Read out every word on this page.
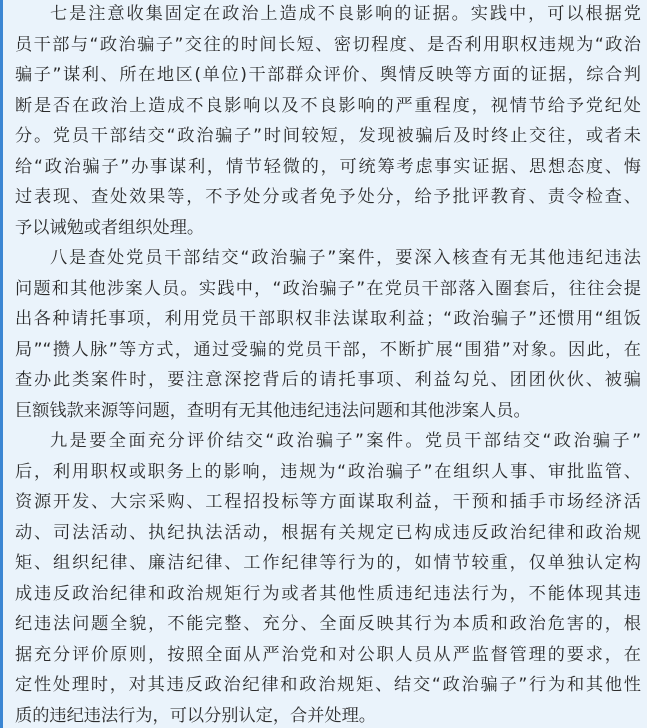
七是注意收集固定在政治上造成不良影响的证据。实践中，可以根据党
员干部与“政治骗子”交往的时间长短、密切程度、是否利用职权违规为“政治
骗子”谋利、所在地区(单位)干部群众评价、舆情反映等方面的证据，综合判
断是否在政治上造成不良影响以及不良影响的严重程度，视情节给予党纪处
分。党员干部结交“政治骗子”时间较短，发现被骗后及时终止交往，或者未
给“政治骗子”办事谋利，情节轻微的，可统筹考虑事实证据、思想态度、悔
过表现、查处效果等，不予处分或者免予处分，给予批评教育、责令检查、
予以诫勉或者组织处理。
八是查处党员干部结交“政治骗子”案件，要深入核查有无其他违纪违法
问题和其他涉案人员。实践中，“政治骗子”在党员干部落入圈套后，往往会提
出各种请托事项，利用党员干部职权非法谋取利益；“政治骗子”还惯用“组饭
局”“攒人脉”等方式，通过受骗的党员干部，不断扩展“围猎”对象。因此，在
查办此类案件时，要注意深挖背后的请托事项、利益勾兑、团团伙伙、被骗
巨额钱款来源等问题，查明有无其他违纪违法问题和其他涉案人员。
九是要全面充分评价结交“政治骗子”案件。党员干部结交“政治骗子”
后，利用职权或职务上的影响，违规为“政治骗子”在组织人事、审批监管、
资源开发、大宗采购、工程招投标等方面谋取利益，干预和插手市场经济活
动、司法活动、执纪执法活动，根据有关规定已构成违反政治纪律和政治规
矩、组织纪律、廉洁纪律、工作纪律等行为的，如情节较重，仅单独认定构
成违反政治纪律和政治规矩行为或者其他性质违纪违法行为，不能体现其违
纪违法问题全貌，不能完整、充分、全面反映其行为本质和政治危害的，根
据充分评价原则，按照全面从严治党和对公职人员从严监督管理的要求，在
定性处理时，对其违反政治纪律和政治规矩、结交“政治骗子”行为和其他性
质的违纪违法行为，可以分别认定，合并处理。
